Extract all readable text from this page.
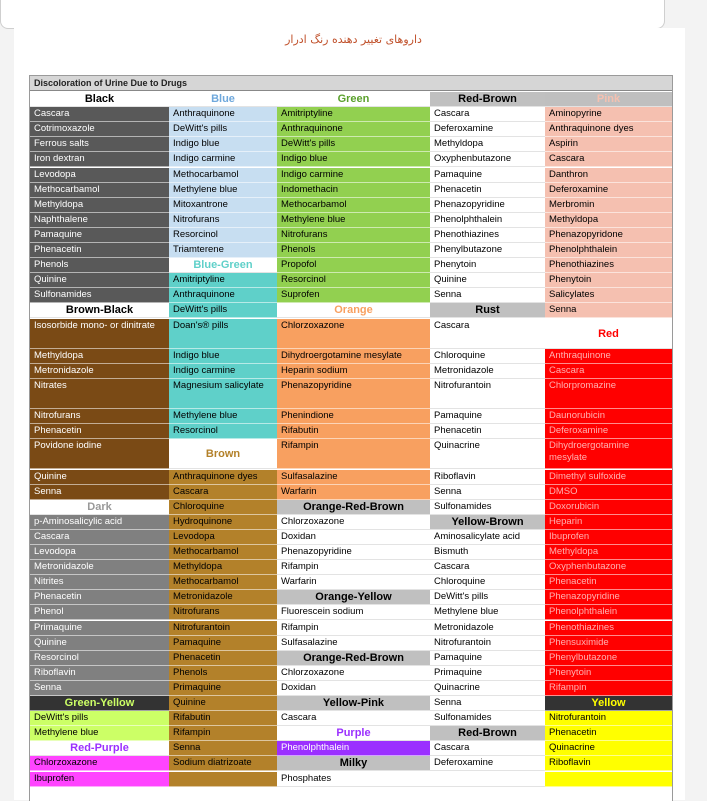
داروهای تغییر دهنده رنگ ادرار
Discoloration of Urine Due to Drugs
Black
Cascara
Cotrimoxazole
Ferrous salts
Iron dextran
Levodopa
Methocarbamol
Methyldopa
Naphthalene
Pamaquine
Phenacetin
Phenols
Quinine
Sulfonamides
Brown-Black
Isosorbide mono- or dinitrate
Methyldopa
Metronidazole
Nitrates
Nitrofurans
Phenacetin
Povidone iodine
Quinine
Senna
Dark
p-Aminosalicylic acid
Cascara
Levodopa
Metronidazole
Nitrites
Phenacetin
Phenol
Primaquine
Quinine
Resorcinol
Riboflavin
Senna
Green-Yellow
DeWitt's pills
Methylene blue
Red-Purple
Chlorzoxazone
Ibuprofen
Blue
Anthraquinone
DeWitt's pills
Indigo blue
Indigo carmine
Methocarbamol
Methylene blue
Mitoxantrone
Nitrofurans
Resorcinol
Triamterene
Blue-Green
Amitriptyline
Anthraquinone
DeWitt's pills
Doan's® pills
Indigo blue
Indigo carmine
Magnesium salicylate
Methylene blue
Resorcinol
Brown
Anthraquinone dyes
Cascara
Chloroquine
Hydroquinone
Levodopa
Methocarbamol
Methyldopa
Methocarbamol
Metronidazole
Nitrofurans
Nitrofurantoin
Pamaquine
Phenacetin
Phenols
Primaquine
Quinine
Rifabutin
Rifampin
Senna
Sodium diatrizoate
Green
Amitriptyline
Anthraquinone
DeWitt's pills
Indigo blue
Indigo carmine
Indomethacin
Methocarbamol
Methylene blue
Nitrofurans
Phenols
Propofol
Resorcinol
Suprofen
Orange
Chlorzoxazone
Dihydroergotamine mesylate
Heparin sodium
Phenazopyridine
Phenindione
Rifabutin
Rifampin
Sulfasalazine
Warfarin
Orange-Red-Brown
Chlorzoxazone
Doxidan
Phenazopyridine
Rifampin
Warfarin
Orange-Yellow
Fluorescein sodium
Rifampin
Sulfasalazine
Orange-Red-Brown
Chlorzoxazone
Doxidan
Yellow-Pink
Cascara
Purple
Phenolphthalein
Milky
Phosphates
Red-Brown
Cascara
Deferoxamine
Methyldopa
Oxyphenbutazone
Pamaquine
Phenacetin
Phenazopyridine
Phenolphthalein
Phenothiazines
Phenylbutazone
Phenytoin
Quinine
Senna
Rust
Cascara
Chloroquine
Metronidazole
Nitrofurantoin
Pamaquine
Phenacetin
Quinacrine
Riboflavin
Senna
Sulfonamides
Yellow-Brown
Aminosalicylate acid
Bismuth
Cascara
Chloroquine
DeWitt's pills
Methylene blue
Metronidazole
Nitrofurantoin
Pamaquine
Primaquine
Quinacrine
Senna
Sulfonamides
Red-Brown
Cascara
Deferoxamine
Pink
Aminopyrine
Anthraquinone dyes
Aspirin
Cascara
Danthron
Deferoxamine
Merbromin
Methyldopa
Phenazopyridone
Phenolphthalein
Phenothiazines
Phenytoin
Salicylates
Senna
Red
Anthraquinone
Cascara
Chlorpromazine
Daunorubicin
Deferoxamine
Dihydroergotamine mesylate
Dimethyl sulfoxide
DMSO
Doxorubicin
Heparin
Ibuprofen
Methyldopa
Oxyphenbutazone
Phenacetin
Phenazopyridine
Phenolphthalein
Phenothiazines
Phensuximide
Phenylbutazone
Phenytoin
Rifampin
Yellow
Nitrofurantoin
Phenacetin
Quinacrine
Riboflavin
